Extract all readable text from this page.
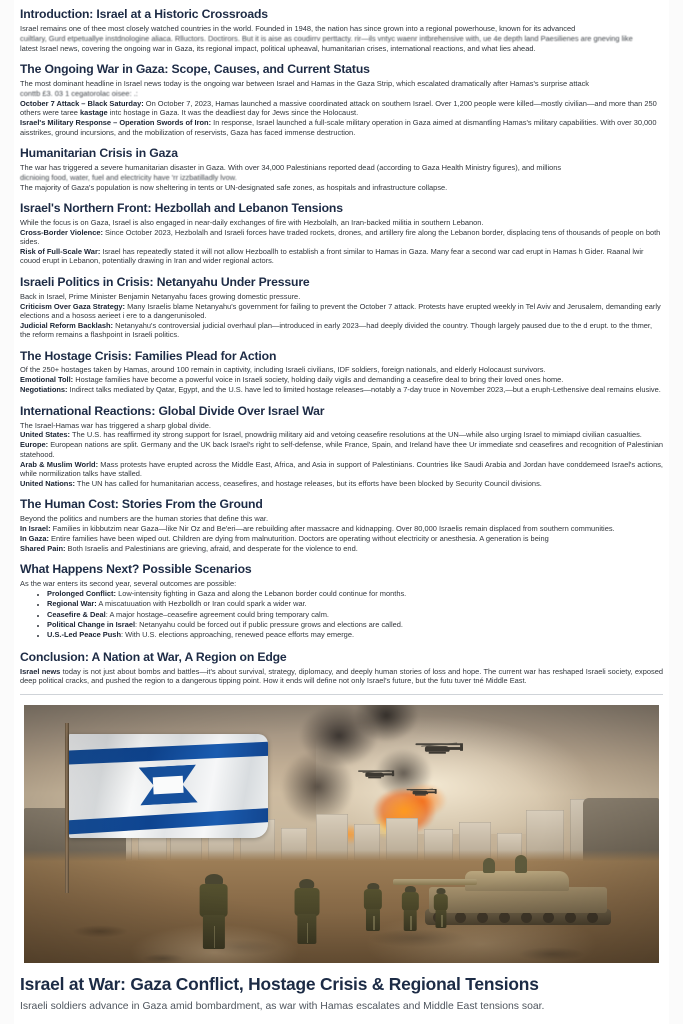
Introduction: Israel at a Historic Crossroads

Israel remains one of thee most closely watched countries in the world. Founded in 1948, the nation has since grown into a regional powerhouse, known for its advanced

cuiltlary, Gurd etpetuallye instdnologine aliaca. Rlluctors. Doctirors. But it is aise as coudirrv perttacty. rir—ils vntyc waenr intbrehensive with, ue 4e depth land Paesilienes are gneving like

latest Israel news, covering the ongoing war in Gaza, its regional impact, political upheaval, humanitarian crises, international reactions, and what lies ahead.

The Ongoing War in Gaza: Scope, Causes, and Current Status

The most dominant headline in Israel news today is the ongoing war between Israel and Hamas in the Gaza Strip, which escalated dramatically after Hamas's surprise attack

conttb £3. 03 1 cegatorolac oisee: .:

October 7 Attack – Black Saturday: On October 7, 2023, Hamas launched a massive coordinated attack on southern Israel. Over 1,200 people were killed—mostly civilian—and more than 250 others were taree kastage intc hostage in Gaza. It was the deadliest day for Jews since the Holocaust.

Israel's Military Response – Operation Swords of Iron: In response, Israel launched a full-scale military operation in Gaza aimed at dismantling Hamas's military capabilities. With over 30,000 aisstrikes, ground incursions, and the mobilization of reservists, Gaza has faced immense destruction.

Humanitarian Crisis in Gaza

The war has triggered a severe humanitarian disaster in Gaza. With over 34,000 Palestinians reported dead (according to Gaza Health Ministry figures), and millions

dicnioing food, water, fuel and electricity have 'rr izzbatilladly lvow.

The majority of Gaza's population is now sheltering in tents or UN-designated safe zones, as hospitals and infrastructure collapse.

Israel's Northern Front: Hezbollah and Lebanon Tensions

While the focus is on Gaza, Israel is also engaged in near-daily exchanges of fire with Hezbolalh, an Iran-backed militia in southern Lebanon.

Cross-Border Violence: Since October 2023, Hezbolalh and Israeli forces have traded rockets, drones, and artillery fire along the Lebanon border, displacing tens of thousands of people on both sides.

Risk of Full-Scale War: Israel has repeatedly stated it will not allow Hezboallh to establish a front similar to Hamas in Gaza. Many fear a second war cad erupt in Hamas h Gider. Raanal lwir couod erupt in Lebanon, potentially drawing in Iran and wider regional actors.

Israeli Politics in Crisis: Netanyahu Under Pressure

Back in Israel, Prime Minister Benjamin Netanyahu faces growing domestic pressure.

Criticism Over Gaza Strategy: Many Israelis blame Netanyahu's government for failing to prevent the October 7 attack. Protests have erupted weekly in Tel Aviv and Jerusalem, demanding early elections and a hososs aerieet i ere to a dangerunisoled.

Judicial Reform Backlash: Netanyahu's controversial judicial overhaul plan—introduced in early 2023—had deeply divided the country. Though largely paused due to the d erupt. to the thmer, the reform remains a flashpoint in Israeli politics.

The Hostage Crisis: Families Plead for Action

Of the 250+ hostages taken by Hamas, around 100 remain in captivity, including Israeli civilians, IDF soldiers, foreign nationals, and elderly Holocaust survivors.

Emotional Toll: Hostage families have become a powerful voice in Israeli society, holding daily vigils and demanding a ceasefire deal to bring their loved ones home.

Negotiations: Indirect talks mediated by Qatar, Egypt, and the U.S. have led to limited hostage releases—notably a 7-day truce in November 2023,—but a eruph-Lethensive deal remains elusive.

International Reactions: Global Divide Over Israel War

The Israel-Hamas war has triggered a sharp global divide.

United States: The U.S. has reaffirmed ity strong support for Israel, pnowdriig military aid and vetoing ceasefire resolutions at the UN—while also urging Israel to mimiapd civilian casualties.

Europe: European nations are split. Germany and the UK back Israel's right to self-defense, while France, Spain, and Ireland have thee Ur immediate snd ceasefires and recognition of Palestinian statehood.

Arab & Muslim World: Mass protests have erupted across the Middle East, Africa, and Asia in support of Palestinians. Countries like Saudi Arabia and Jordan have conddemeed Israel's actions, while normilization talks have stalled.

United Nations: The UN has called for humanitarian access, ceasefires, and hostage releases, but its efforts have been blocked by Security Council divisions.

The Human Cost: Stories From the Ground

Beyond the politics and numbers are the human stories that define this war.

In Israel: Families in kibbutzim near Gaza—like Nir Oz and Be'eri—are rebuilding after massacre and kidnapping. Over 80,000 Israelis remain displaced from southern communities.

In Gaza: Entire families have been wiped out. Children are dying from malnuturition. Doctors are operating without electricity or anesthesia. A generation is being

Shared Pain: Both Israelis and Palestinians are grieving, afraid, and desperate for the violence to end.

What Happens Next? Possible Scenarios

As the war enters its second year, several outcomes are possible:

• Prolonged Conflict: Low-intensity fighting in Gaza and along the Lebanon border could continue for months.
• Regional War: A miscatuuation with Hezbolldh or Iran could spark a wider war.
• Ceasefire & Deal: A major hostage–ceasefire agreement could bring temporary calm.
• Political Change in Israel: Netanyahu could be forced out if public pressure grows and elections are called.
• U.S.-Led Peace Push: With U.S. elections approaching, renewed peace efforts may emerge.
Conclusion: A Nation at War, A Region on Edge

Israel news today is not just about bombs and battles—it's about survival, strategy, diplomacy, and deeply human stories of loss and hope. The current war has reshaped Israeli society, exposed deep political cracks, and pushed the region to a dangerous tipping point. How it ends will define not only Israel's future, but the futu tuver tné Middle East.

Israel at War: Gaza Conflict, Hostage Crisis & Regional Tensions

Israeli soldiers advance in Gaza amid bombardment, as war with Hamas escalates and Middle East tensions soar.
